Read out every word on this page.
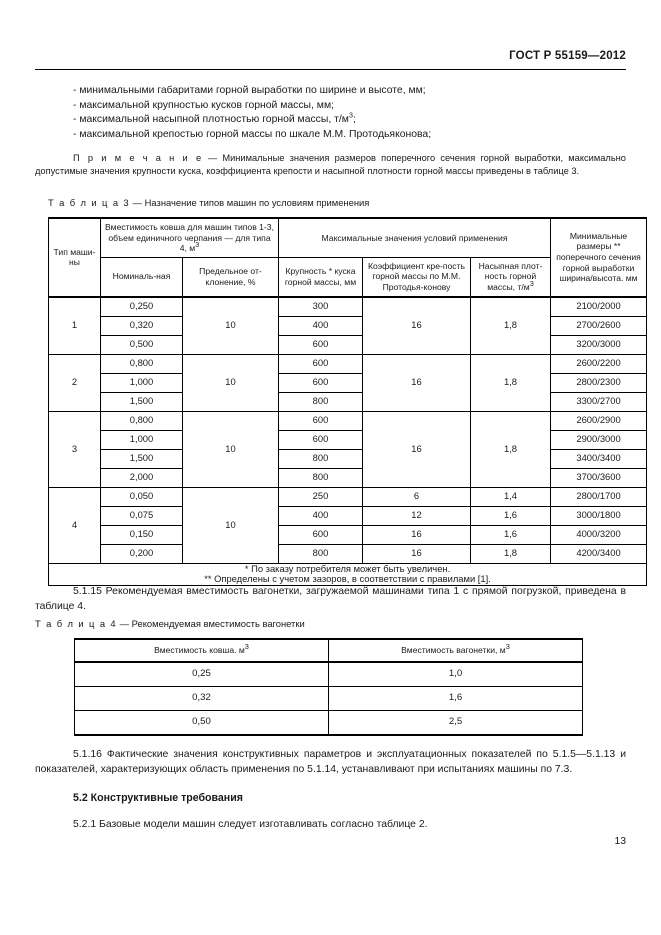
ГОСТ Р 55159—2012
- минимальными габаритами горной выработки по ширине и высоте, мм;
- максимальной крупностью кусков горной массы, мм;
- максимальной насыпной плотностью горной массы, $т/м^3$;
- максимальной крепостью горной массы по шкале М.М. Протодьяконова;
П р и м е ч а н и е — Минимальные значения размеров поперечного сечения горной выработки, максимально допустимые значения крупности куска, коэффициента крепости и насыпной плотности горной массы приведены в таблице 3.
Т а б л и ц а 3 — Назначение типов машин по условиям применения
Тип маши-ны	Вместимость ковша для машин типов 1-3, объем единичного черпания — для типа 4, $м^3$		Максимальные значения условий применения			Минимальные размеры ** поперечного сечения горной выработки ширина/высота. мм
	Номиналь-ная	Предельное от-клонение, %	Крупность * куска горной массы, мм	Коэффициент кре-пость горной массы по М.М. Протодья-конову	Насыпная плот-ность горной массы, $т/м^3$

1	0,250	10	300	16	1,8	2100/2000
	0,320		400			2700/2600
	0,500		600			3200/3000
2	0,800	10	600	16	1,8	2600/2200
	1,000		600			2800/2300
	1,500		800			3300/2700
3	0,800	10	600	16	1,8	2600/2900
	1,000		600			2900/3000
	1,500		800			3400/3400
	2,000		800			3700/3600
4	0,050	10	250	6	1,4	2800/1700
	0,075		400	12	1,6	3000/1800
	0,150		600	16	1,6	4000/3200
	0,200		800	16	1,8	4200/3400

* По заказу потребителя может быть увеличен.
** Определены с учетом зазоров, в соответствии с правилами [1].						
5.1.15 Рекомендуемая вместимость вагонетки, загружаемой машинами типа 1 с прямой погрузкой, приведена в таблице 4.
Т а б л и ц а 4 — Рекомендуемая вместимость вагонетки
Вместимость ковша. $м^3$	Вместимость вагонетки, $м^3$
0,25	1,0
0,32	1,6
0,50	2,5
5.1.16 Фактические значения конструктивных параметров и эксплуатационных показателей по 5.1.5—5.1.13 и показателей, характеризующих область применения по 5.1.14, устанавливают при испытаниях машины по 7.3.
5.2 Конструктивные требования
5.2.1 Базовые модели машин следует изготавливать согласно таблице 2.
13
